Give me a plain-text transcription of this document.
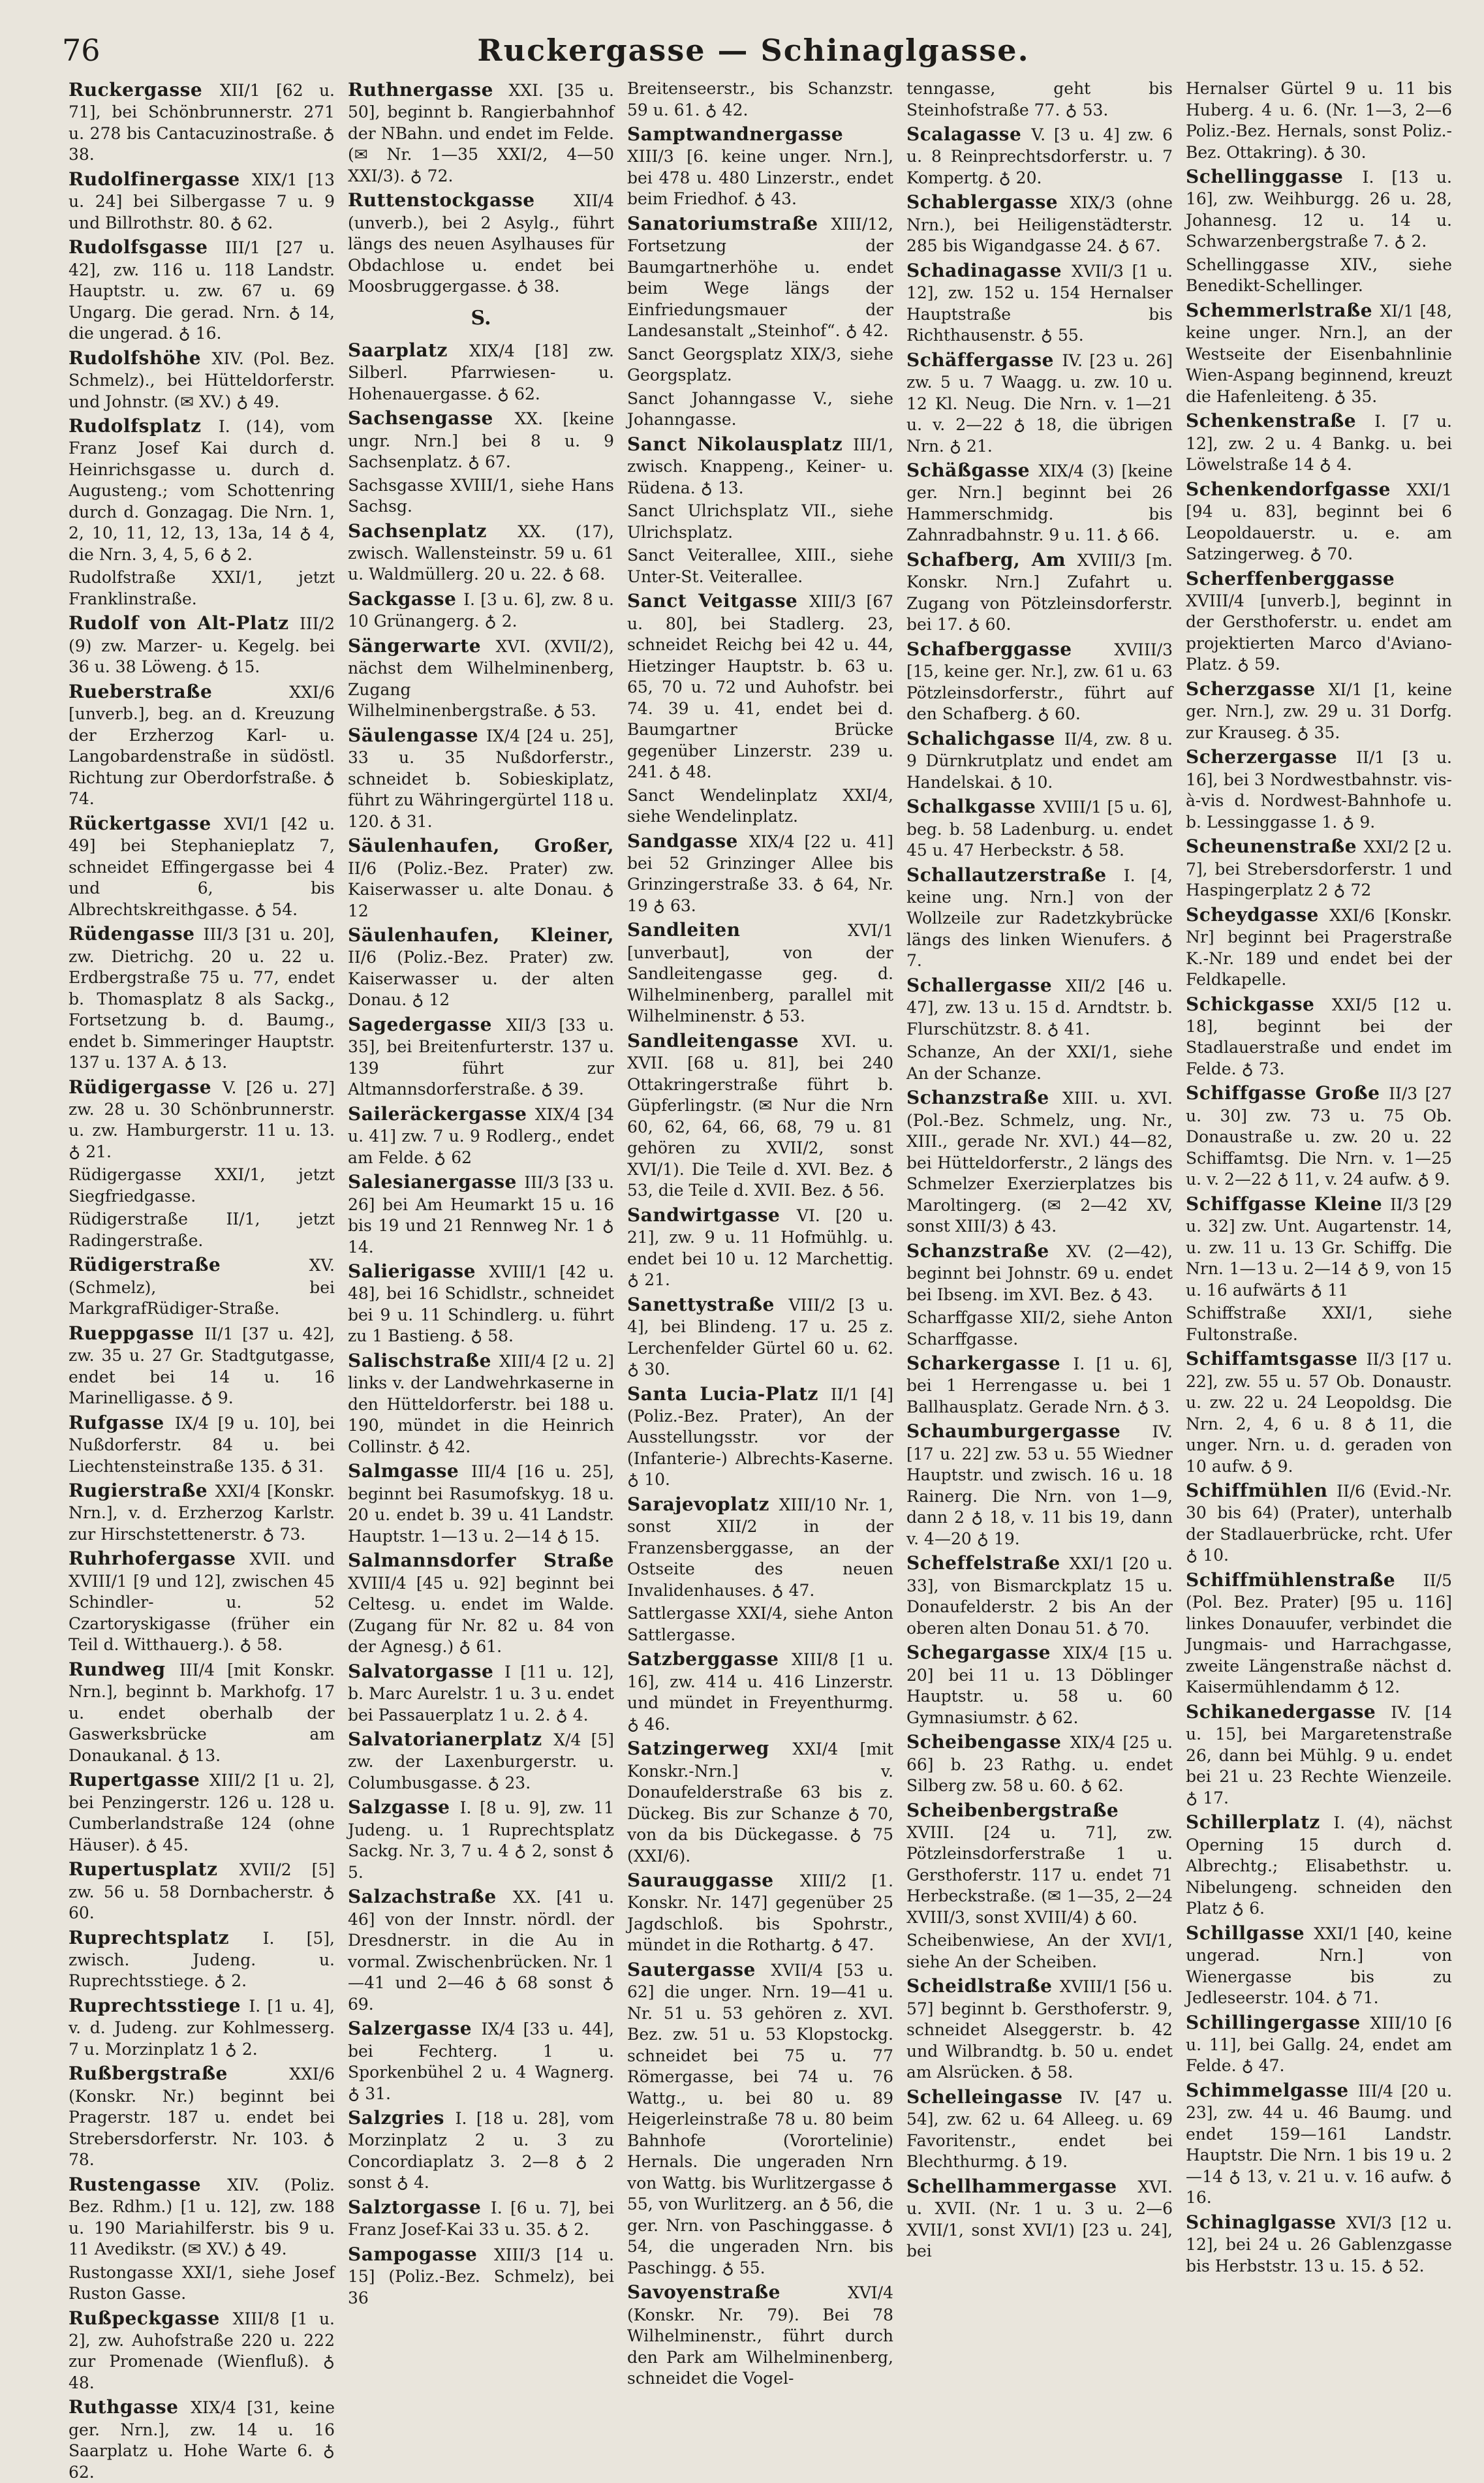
76	Ruckergasse — Schinaglgasse.
Ruckergasse XII/1 [62 u. 71], bei Schönbrunnerstr. 271 u. 278 bis Cantacuzinostraße. ♁ 38.
Rudolfinergasse XIX/1 [13 u. 24] bei Silbergasse 7 u. 9 und Billrothstr. 80. ♁ 62.
Rudolfsgasse III/1 [27 u. 42], zw. 116 u. 118 Landstr. Hauptstr. u. zw. 67 u. 69 Ungarg. Die gerad. Nrn. ♁ 14, die ungerad. ♁ 16.
Rudolfshöhe XIV. (Pol. Bez. Schmelz)., bei Hütteldorferstr. und Johnstr. (✉ XV.) ♁ 49.
Rudolfsplatz I. (14), vom Franz Josef Kai durch d. Heinrichsgasse u. durch d. Augusteng.; vom Schottenring durch d. Gonzagag. Die Nrn. 1, 2, 10, 11, 12, 13, 13a, 14 ♁ 4, die Nrn. 3, 4, 5, 6 ♁ 2.
Rudolfstraße XXI/1, jetzt Franklinstraße.
Rudolf von Alt-Platz III/2 (9) zw. Marzer- u. Kegelg. bei 36 u. 38 Löweng. ♁ 15.
Rueberstraße XXI/6 [unverb.], beg. an d. Kreuzung der Erzherzog Karl- u. Langobardenstraße in südöstl. Richtung zur Oberdorfstraße. ♁ 74.
Rückertgasse XVI/1 [42 u. 49] bei Stephanieplatz 7, schneidet Effingergasse bei 4 und 6, bis Albrechtskreithgasse. ♁ 54.
Rüdengasse III/3 [31 u. 20], zw. Dietrichg. 20 u. 22 u. Erdbergstraße 75 u. 77, endet b. Thomasplatz 8 als Sackg., Fortsetzung b. d. Baumg., endet b. Simmeringer Hauptstr. 137 u. 137 A. ♁ 13.
Rüdigergasse V. [26 u. 27] zw. 28 u. 30 Schönbrunnerstr. u. zw. Hamburgerstr. 11 u. 13. ♁ 21.
Rüdigergasse XXI/1, jetzt Siegfriedgasse.
Rüdigerstraße II/1, jetzt Radingerstraße.
Rüdigerstraße XV. (Schmelz), bei MarkgrafRüdiger-Straße.
Rueppgasse II/1 [37 u. 42], zw. 35 u. 27 Gr. Stadtgutgasse, endet bei 14 u. 16 Marinelligasse. ♁ 9.
Rufgasse IX/4 [9 u. 10], bei Nußdorferstr. 84 u. bei Liechtensteinstraße 135. ♁ 31.
Rugierstraße XXI/4 [Konskr. Nrn.], v. d. Erzherzog Karlstr. zur Hirschstettenerstr. ♁ 73.
Ruhrhofergasse XVII. und XVIII/1 [9 und 12], zwischen 45 Schindler- u. 52 Czartoryskigasse (früher ein Teil d. Witthauerg.). ♁ 58.
Rundweg III/4 [mit Konskr. Nrn.], beginnt b. Markhofg. 17 u. endet oberhalb der Gaswerksbrücke am Donaukanal. ♁ 13.
Rupertgasse XIII/2 [1 u. 2], bei Penzingerstr. 126 u. 128 u. Cumberlandstraße 124 (ohne Häuser). ♁ 45.
Rupertusplatz XVII/2 [5] zw. 56 u. 58 Dornbacherstr. ♁ 60.
Ruprechtsplatz I. [5], zwisch. Judeng. u. Ruprechtsstiege. ♁ 2.
Ruprechtsstiege I. [1 u. 4], v. d. Judeng. zur Kohlmesserg. 7 u. Morzinplatz 1 ♁ 2.
Rußbergstraße XXI/6 (Konskr. Nr.) beginnt bei Pragerstr. 187 u. endet bei Strebersdorferstr. Nr. 103. ♁ 78.
Rustengasse XIV. (Poliz. Bez. Rdhm.) [1 u. 12], zw. 188 u. 190 Mariahilferstr. bis 9 u. 11 Avedikstr. (✉ XV.) ♁ 49.
Rustongasse XXI/1, siehe Josef Ruston Gasse.
Rußpeckgasse XIII/8 [1 u. 2], zw. Auhofstraße 220 u. 222 zur Promenade (Wienfluß). ♁ 48.
Ruthgasse XIX/4 [31, keine ger. Nrn.], zw. 14 u. 16 Saarplatz u. Hohe Warte 6. ♁ 62.
Ruthnergasse XXI. [35 u. 50], beginnt b. Rangierbahnhof der NBahn. und endet im Felde. (✉ Nr. 1—35 XXI/2, 4—50 XXI/3). ♁ 72.
Ruttenstockgasse XII/4 (unverb.), bei 2 Asylg., führt längs des neuen Asylhauses für Obdachlose u. endet bei Moosbruggergasse. ♁ 38.
S.
Saarplatz XIX/4 [18] zw. Silberl. Pfarrwiesen- u. Hohenauergasse. ♁ 62.
Sachsengasse XX. [keine ungr. Nrn.] bei 8 u. 9 Sachsenplatz. ♁ 67.
Sachsgasse XVIII/1, siehe Hans Sachsg.
Sachsenplatz XX. (17), zwisch. Wallensteinstr. 59 u. 61 u. Waldmüllerg. 20 u. 22. ♁ 68.
Sackgasse I. [3 u. 6], zw. 8 u. 10 Grünangerg. ♁ 2.
Sängerwarte XVI. (XVII/2), nächst dem Wilhelminenberg, Zugang Wilhelminenbergstraße. ♁ 53.
Säulengasse IX/4 [24 u. 25], 33 u. 35 Nußdorferstr., schneidet b. Sobieskiplatz, führt zu Währingergürtel 118 u. 120. ♁ 31.
Säulenhaufen, Großer, II/6 (Poliz.-Bez. Prater) zw. Kaiserwasser u. alte Donau. ♁ 12
Säulenhaufen, Kleiner, II/6 (Poliz.-Bez. Prater) zw. Kaiserwasser u. der alten Donau. ♁ 12
Sagedergasse XII/3 [33 u. 35], bei Breitenfurterstr. 137 u. 139 führt zur Altmannsdorferstraße. ♁ 39.
Saileräckergasse XIX/4 [34 u. 41] zw. 7 u. 9 Rodlerg., endet am Felde. ♁ 62
Salesianergasse III/3 [33 u. 26] bei Am Heumarkt 15 u. 16 bis 19 und 21 Rennweg Nr. 1 ♁ 14.
Salierigasse XVIII/1 [42 u. 48], bei 16 Schidlstr., schneidet bei 9 u. 11 Schindlerg. u. führt zu 1 Bastieng. ♁ 58.
Salischstraße XIII/4 [2 u. 2] links v. der Landwehrkaserne in den Hütteldorferstr. bei 188 u. 190, mündet in die Heinrich Collinstr. ♁ 42.
Salmgasse III/4 [16 u. 25], beginnt bei Rasumofskyg. 18 u. 20 u. endet b. 39 u. 41 Landstr. Hauptstr. 1—13 u. 2—14 ♁ 15.
Salmannsdorfer Straße XVIII/4 [45 u. 92] beginnt bei Celtesg. u. endet im Walde. (Zugang für Nr. 82 u. 84 von der Agnesg.) ♁ 61.
Salvatorgasse I [11 u. 12], b. Marc Aurelstr. 1 u. 3 u. endet bei Passauerplatz 1 u. 2. ♁ 4.
Salvatorianerplatz X/4 [5] zw. der Laxenburgerstr. u. Columbusgasse. ♁ 23.
Salzgasse I. [8 u. 9], zw. 11 Judeng. u. 1 Ruprechtsplatz Sackg. Nr. 3, 7 u. 4 ♁ 2, sonst ♁ 5.
Salzachstraße XX. [41 u. 46] von der Innstr. nördl. der Dresdnerstr. in die Au in vormal. Zwischenbrücken. Nr. 1—41 und 2—46 ♁ 68 sonst ♁ 69.
Salzergasse IX/4 [33 u. 44], bei Fechterg. 1 u. Sporkenbühel 2 u. 4 Wagnerg. ♁ 31.
Salzgries I. [18 u. 28], vom Morzinplatz 2 u. 3 zu Concordiaplatz 3. 2—8 ♁ 2 sonst ♁ 4.
Salztorgasse I. [6 u. 7], bei Franz Josef-Kai 33 u. 35. ♁ 2.
Sampogasse XIII/3 [14 u. 15] (Poliz.-Bez. Schmelz), bei 36
Breitenseerstr., bis Schanzstr. 59 u. 61. ♁ 42.
Samptwandnergasse XIII/3 [6. keine unger. Nrn.], bei 478 u. 480 Linzerstr., endet beim Friedhof. ♁ 43.
Sanatoriumstraße XIII/12, Fortsetzung der Baumgartnerhöhe u. endet beim Wege längs der Einfriedungsmauer der Landesanstalt „Steinhof“. ♁ 42.
Sanct Georgsplatz XIX/3, siehe Georgsplatz.
Sanct Johanngasse V., siehe Johanngasse.
Sanct Nikolausplatz III/1, zwisch. Knappeng., Keiner- u. Rüdena. ♁ 13.
Sanct Ulrichsplatz VII., siehe Ulrichsplatz.
Sanct Veiterallee, XIII., siehe Unter-St. Veiterallee.
Sanct Veitgasse XIII/3 [67 u. 80], bei Stadlerg. 23, schneidet Reichg bei 42 u. 44, Hietzinger Hauptstr. b. 63 u. 65, 70 u. 72 und Auhofstr. bei 74. 39 u. 41, endet bei d. Baumgartner Brücke gegenüber Linzerstr. 239 u. 241. ♁ 48.
Sanct Wendelinplatz XXI/4, siehe Wendelinplatz.
Sandgasse XIX/4 [22 u. 41] bei 52 Grinzinger Allee bis Grinzingerstraße 33. ♁ 64, Nr. 19 ♁ 63.
Sandleiten XVI/1 [unverbaut], von der Sandleitengasse geg. d. Wilhelminenberg, parallel mit Wilhelminenstr. ♁ 53.
Sandleitengasse XVI. u. XVII. [68 u. 81], bei 240 Ottakringerstraße führt b. Güpferlingstr. (✉ Nur die Nrn 60, 62, 64, 66, 68, 79 u. 81 gehören zu XVII/2, sonst XVI/1). Die Teile d. XVI. Bez. ♁ 53, die Teile d. XVII. Bez. ♁ 56.
Sandwirtgasse VI. [20 u. 21], zw. 9 u. 11 Hofmühlg. u. endet bei 10 u. 12 Marchettig. ♁ 21.
Sanettystraße VIII/2 [3 u. 4], bei Blindeng. 17 u. 25 z. Lerchenfelder Gürtel 60 u. 62. ♁ 30.
Santa Lucia-Platz II/1 [4] (Poliz.-Bez. Prater), An der Ausstellungsstr. vor der (Infanterie-) Albrechts-Kaserne. ♁ 10.
Sarajevoplatz XIII/10 Nr. 1, sonst XII/2 in der Franzensberggasse, an der Ostseite des neuen Invalidenhauses. ♁ 47.
Sattlergasse XXI/4, siehe Anton Sattlergasse.
Satzberggasse XIII/8 [1 u. 16], zw. 414 u. 416 Linzerstr. und mündet in Freyenthurmg. ♁ 46.
Satzingerweg XXI/4 [mit Konskr.-Nrn.] v. Donaufelderstraße 63 bis z. Dückeg. Bis zur Schanze ♁ 70, von da bis Dückegasse. ♁ 75 (XXI/6).
Saurauggasse XIII/2 [1. Konskr. Nr. 147] gegenüber 25 Jagdschloß. bis Spohrstr., mündet in die Rothartg. ♁ 47.
Sautergasse XVII/4 [53 u. 62] die unger. Nrn. 19—41 u. Nr. 51 u. 53 gehören z. XVI. Bez. zw. 51 u. 53 Klopstockg. schneidet bei 75 u. 77 Römergasse, bei 74 u. 76 Wattg., u. bei 80 u. 89 Heigerleinstraße 78 u. 80 beim Bahnhofe (Vorortelinie) Hernals. Die ungeraden Nrn von Wattg. bis Wurlitzergasse ♁ 55, von Wurlitzerg. an ♁ 56, die ger. Nrn. von Paschinggasse. ♁ 54, die ungeraden Nrn. bis Paschingg. ♁ 55.
Savoyenstraße XVI/4 (Konskr. Nr. 79). Bei 78 Wilhelminenstr., führt durch den Park am Wilhelminenberg, schneidet die Vogel-
tenngasse, geht bis Steinhofstraße 77. ♁ 53.
Scalagasse V. [3 u. 4] zw. 6 u. 8 Reinprechtsdorferstr. u. 7 Kompertg. ♁ 20.
Schablergasse XIX/3 (ohne Nrn.), bei Heiligenstädterstr. 285 bis Wigandgasse 24. ♁ 67.
Schadinagasse XVII/3 [1 u. 12], zw. 152 u. 154 Hernalser Hauptstraße bis Richthausenstr. ♁ 55.
Schäffergasse IV. [23 u. 26] zw. 5 u. 7 Waagg. u. zw. 10 u. 12 Kl. Neug. Die Nrn. v. 1—21 u. v. 2—22 ♁ 18, die übrigen Nrn. ♁ 21.
Schäßgasse XIX/4 (3) [keine ger. Nrn.] beginnt bei 26 Hammerschmidg. bis Zahnradbahnstr. 9 u. 11. ♁ 66.
Schafberg, Am XVIII/3 [m. Konskr. Nrn.] Zufahrt u. Zugang von Pötzleinsdorferstr. bei 17. ♁ 60.
Schafberggasse XVIII/3 [15, keine ger. Nr.], zw. 61 u. 63 Pötzleinsdorferstr., führt auf den Schafberg. ♁ 60.
Schalichgasse II/4, zw. 8 u. 9 Dürnkrutplatz und endet am Handelskai. ♁ 10.
Schalkgasse XVIII/1 [5 u. 6], beg. b. 58 Ladenburg. u. endet 45 u. 47 Herbeckstr. ♁ 58.
Schallautzerstraße I. [4, keine ung. Nrn.] von der Wollzeile zur Radetzkybrücke längs des linken Wienufers. ♁ 7.
Schallergasse XII/2 [46 u. 47], zw. 13 u. 15 d. Arndtstr. b. Flurschützstr. 8. ♁ 41.
Schanze, An der XXI/1, siehe An der Schanze.
Schanzstraße XIII. u. XVI. (Pol.-Bez. Schmelz, ung. Nr., XIII., gerade Nr. XVI.) 44—82, bei Hütteldorferstr., 2 längs des Schmelzer Exerzierplatzes bis Maroltingerg. (✉ 2—42 XV, sonst XIII/3) ♁ 43.
Schanzstraße XV. (2—42), beginnt bei Johnstr. 69 u. endet bei Ibseng. im XVI. Bez. ♁ 43.
Scharffgasse XII/2, siehe Anton Scharffgasse.
Scharkergasse I. [1 u. 6], bei 1 Herrengasse u. bei 1 Ballhausplatz. Gerade Nrn. ♁ 3.
Schaumburgergasse IV. [17 u. 22] zw. 53 u. 55 Wiedner Hauptstr. und zwisch. 16 u. 18 Rainerg. Die Nrn. von 1—9, dann 2 ♁ 18, v. 11 bis 19, dann v. 4—20 ♁ 19.
Scheffelstraße XXI/1 [20 u. 33], von Bismarckplatz 15 u. Donaufelderstr. 2 bis An der oberen alten Donau 51. ♁ 70.
Schegargasse XIX/4 [15 u. 20] bei 11 u. 13 Döblinger Hauptstr. u. 58 u. 60 Gymnasiumstr. ♁ 62.
Scheibengasse XIX/4 [25 u. 66] b. 23 Rathg. u. endet Silberg zw. 58 u. 60. ♁ 62.
Scheibenbergstraße XVIII. [24 u. 71], zw. Pötzleinsdorferstraße 1 u. Gersthoferstr. 117 u. endet 71 Herbeckstraße. (✉ 1—35, 2—24 XVIII/3, sonst XVIII/4) ♁ 60.
Scheibenwiese, An der XVI/1, siehe An der Scheiben.
Scheidlstraße XVIII/1 [56 u. 57] beginnt b. Gersthoferstr. 9, schneidet Alseggerstr. b. 42 und Wilbrandtg. b. 50 u. endet am Alsrücken. ♁ 58.
Schelleingasse IV. [47 u. 54], zw. 62 u. 64 Alleeg. u. 69 Favoritenstr., endet bei Blechthurmg. ♁ 19.
Schellhammergasse XVI. u. XVII. (Nr. 1 u. 3 u. 2—6 XVII/1, sonst XVI/1) [23 u. 24], bei
Hernalser Gürtel 9 u. 11 bis Huberg. 4 u. 6. (Nr. 1—3, 2—6 Poliz.-Bez. Hernals, sonst Poliz.-Bez. Ottakring). ♁ 30.
Schellinggasse I. [13 u. 16], zw. Weihburgg. 26 u. 28, Johannesg. 12 u. 14 u. Schwarzenbergstraße 7. ♁ 2.
Schellinggasse XIV., siehe Benedikt-Schellinger.
Schemmerlstraße XI/1 [48, keine unger. Nrn.], an der Westseite der Eisenbahnlinie Wien-Aspang beginnend, kreuzt die Hafenleiteng. ♁ 35.
Schenkenstraße I. [7 u. 12], zw. 2 u. 4 Bankg. u. bei Löwelstraße 14 ♁ 4.
Schenkendorfgasse XXI/1 [94 u. 83], beginnt bei 6 Leopoldauerstr. u. e. am Satzingerweg. ♁ 70.
Scherffenberggasse XVIII/4 [unverb.], beginnt in der Gersthoferstr. u. endet am projektierten Marco d'Aviano-Platz. ♁ 59.
Scherzgasse XI/1 [1, keine ger. Nrn.], zw. 29 u. 31 Dorfg. zur Krauseg. ♁ 35.
Scherzergasse II/1 [3 u. 16], bei 3 Nordwestbahnstr. vis-à-vis d. Nordwest-Bahnhofe u. b. Lessinggasse 1. ♁ 9.
Scheunenstraße XXI/2 [2 u. 7], bei Strebersdorferstr. 1 und Haspingerplatz 2 ♁ 72
Scheydgasse XXI/6 [Konskr. Nr] beginnt bei Pragerstraße K.-Nr. 189 und endet bei der Feldkapelle.
Schickgasse XXI/5 [12 u. 18], beginnt bei der Stadlauerstraße und endet im Felde. ♁ 73.
Schiffgasse Große II/3 [27 u. 30] zw. 73 u. 75 Ob. Donaustraße u. zw. 20 u. 22 Schiffamtsg. Die Nrn. v. 1—25 u. v. 2—22 ♁ 11, v. 24 aufw. ♁ 9.
Schiffgasse Kleine II/3 [29 u. 32] zw. Unt. Augartenstr. 14, u. zw. 11 u. 13 Gr. Schiffg. Die Nrn. 1—13 u. 2—14 ♁ 9, von 15 u. 16 aufwärts ♁ 11
Schiffstraße XXI/1, siehe Fultonstraße.
Schiffamtsgasse II/3 [17 u. 22], zw. 55 u. 57 Ob. Donaustr. u. zw. 22 u. 24 Leopoldsg. Die Nrn. 2, 4, 6 u. 8 ♁ 11, die unger. Nrn. u. d. geraden von 10 aufw. ♁ 9.
Schiffmühlen II/6 (Evid.-Nr. 30 bis 64) (Prater), unterhalb der Stadlauerbrücke, rcht. Ufer ♁ 10.
Schiffmühlenstraße II/5 (Pol. Bez. Prater) [95 u. 116] linkes Donauufer, verbindet die Jungmais- und Harrachgasse, zweite Längenstraße nächst d. Kaisermühlendamm ♁ 12.
Schikanedergasse IV. [14 u. 15], bei Margaretenstraße 26, dann bei Mühlg. 9 u. endet bei 21 u. 23 Rechte Wienzeile. ♁ 17.
Schillerplatz I. (4), nächst Operning 15 durch d. Albrechtg.; Elisabethstr. u. Nibelungeng. schneiden den Platz ♁ 6.
Schillgasse XXI/1 [40, keine ungerad. Nrn.] von Wienergasse bis zu Jedleseerstr. 104. ♁ 71.
Schillingergasse XIII/10 [6 u. 11], bei Gallg. 24, endet am Felde. ♁ 47.
Schimmelgasse III/4 [20 u. 23], zw. 44 u. 46 Baumg. und endet 159—161 Landstr. Hauptstr. Die Nrn. 1 bis 19 u. 2—14 ♁ 13, v. 21 u. v. 16 aufw. ♁ 16.
Schinaglgasse XVI/3 [12 u. 12], bei 24 u. 26 Gablenzgasse bis Herbststr. 13 u. 15. ♁ 52.
